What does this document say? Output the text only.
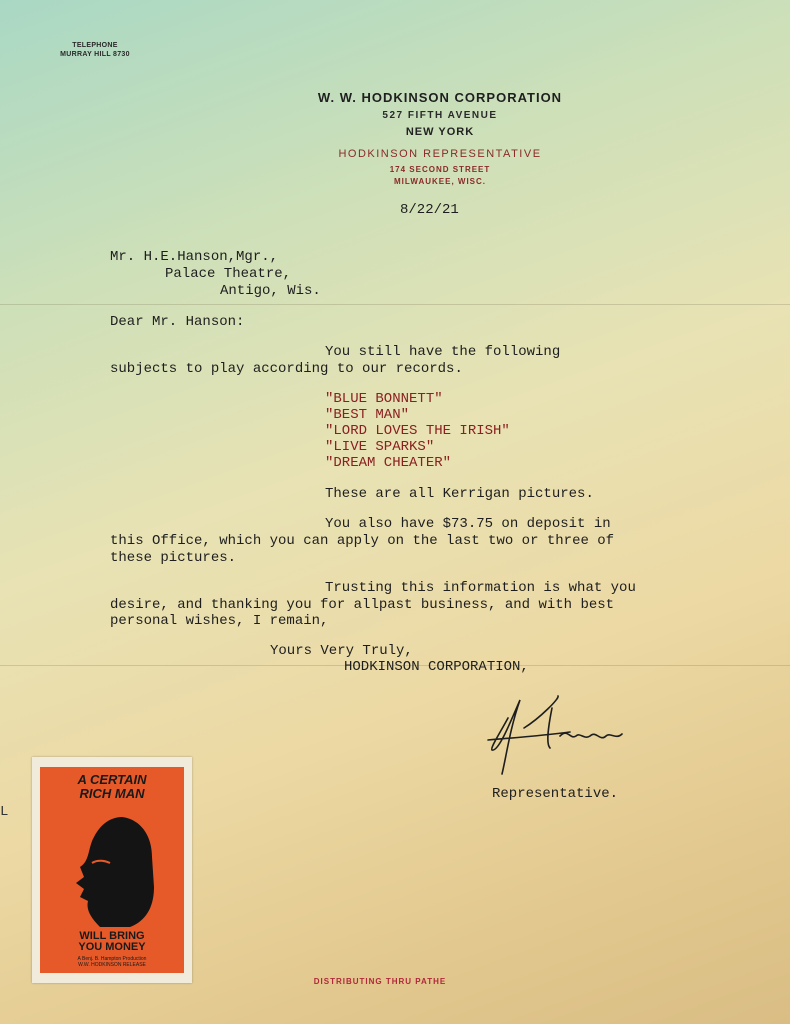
TELEPHONE
MURRAY HILL 8730
W. W. HODKINSON CORPORATION
527 FIFTH AVENUE
NEW YORK
HODKINSON REPRESENTATIVE
174 SECOND STREET
MILWAUKEE, WISC.
8/22/21
Mr. H.E.Hanson,Mgr.,
Palace Theatre,
Antigo, Wis.
Dear Mr. Hanson:
You still have the following
subjects to play according to our records.
"BLUE BONNETT"
"BEST MAN"
"LORD LOVES THE IRISH"
"LIVE SPARKS"
"DREAM CHEATER"
These are all Kerrigan pictures.
You also have $73.75 on deposit in
this Office, which you can apply on the last two or three of
these pictures.
Trusting this information is what you
desire, and thanking you for allpast business, and with best
personal wishes, I remain,
Yours Very Truly,
HODKINSON CORPORATION,
Representative.
L
A CERTAIN
RICH MAN
WILL BRING
YOU MONEY
A Benj. B. Hampton Production
W.W. HODKINSON RELEASE
DISTRIBUTING THRU PATHE
